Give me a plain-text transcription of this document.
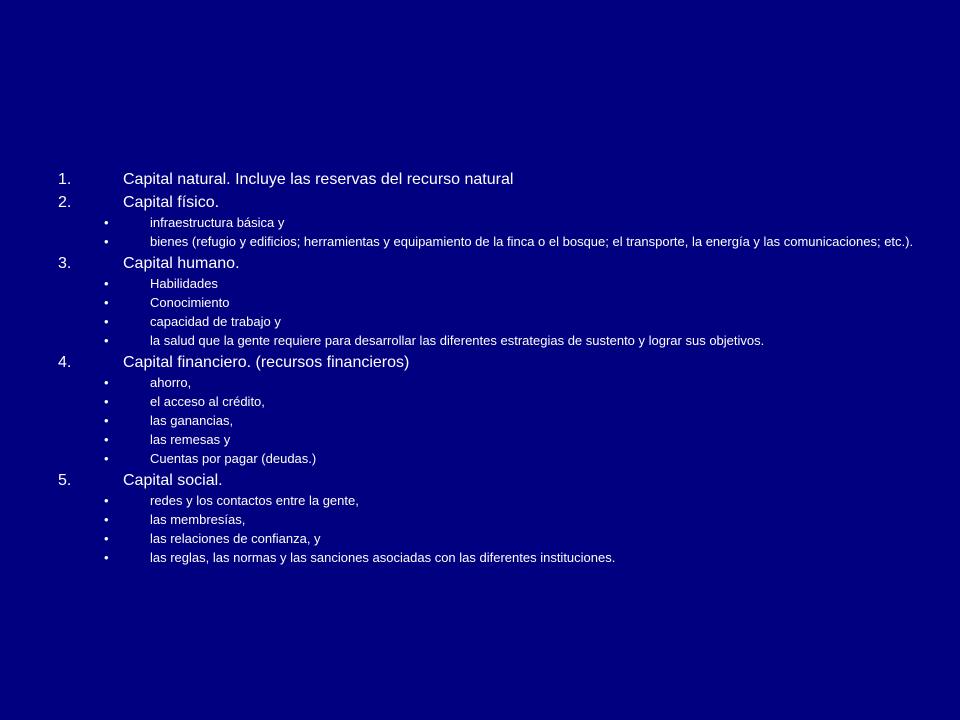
1.	Capital natural. Incluye las reservas del recurso natural
2.	Capital físico.
•	infraestructura básica y
•	bienes (refugio y edificios; herramientas y equipamiento de la finca o el bosque; el transporte, la energía y las comunicaciones; etc.).
3.	Capital humano.
•	Habilidades
•	Conocimiento
•	capacidad de trabajo y
•	la salud que la gente requiere para desarrollar las diferentes estrategias de sustento y lograr sus objetivos.
4.	Capital financiero. (recursos financieros)
•	ahorro,
•	el acceso al crédito,
•	las ganancias,
•	las remesas y
•	Cuentas por pagar (deudas.)
5.	Capital social.
•	redes y los contactos entre la gente,
•	las membresías,
•	las relaciones de confianza, y
•	las reglas, las normas y las sanciones asociadas con las diferentes instituciones.
